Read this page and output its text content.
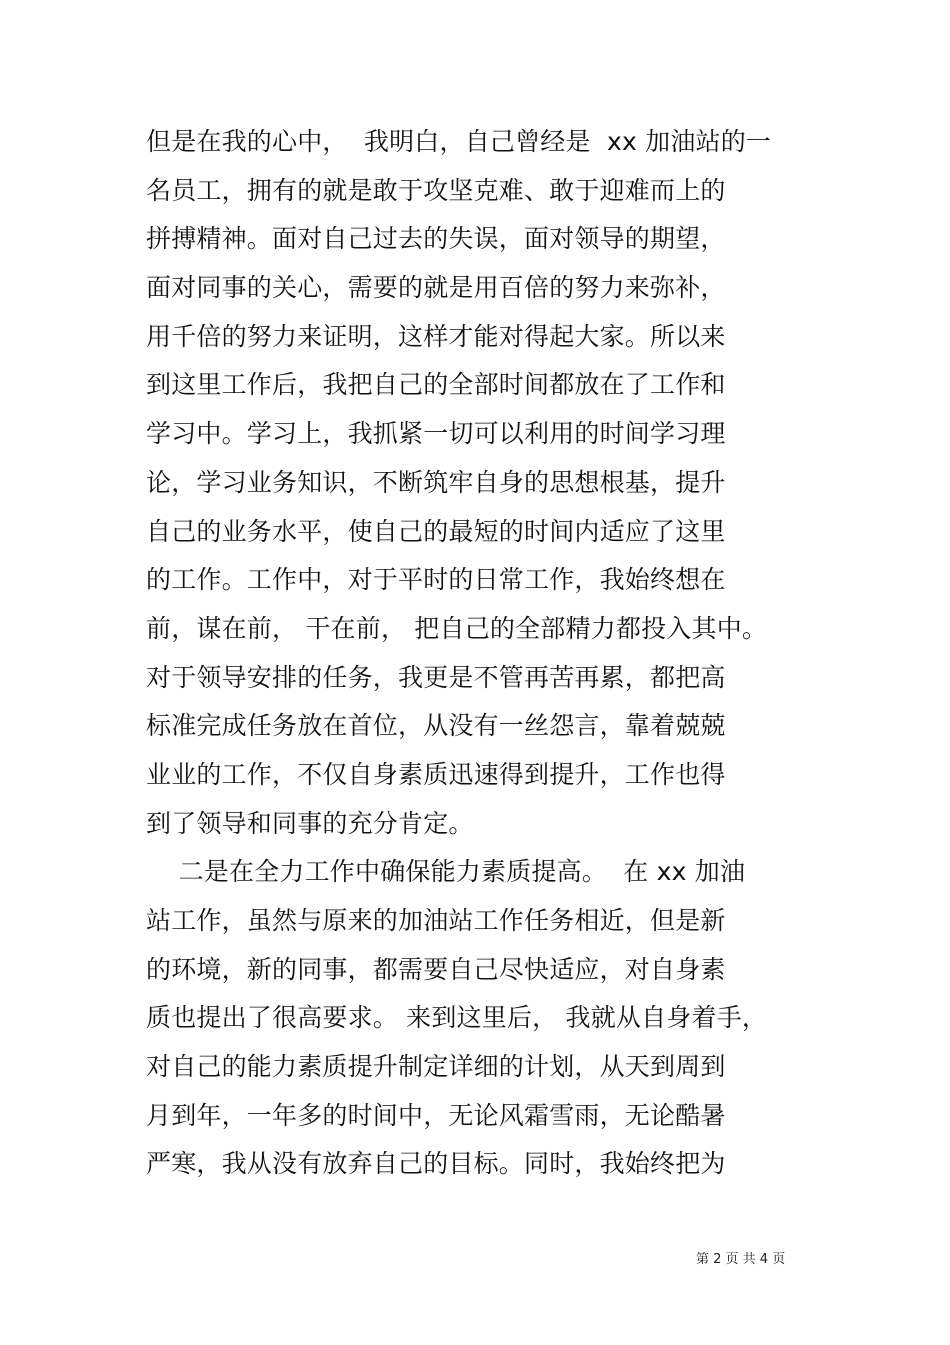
但是在我的心中，  我明白，自己曾经是  xx 加油站的一
名员工，拥有的就是敢于攻坚克难、敢于迎难而上的
拼搏精神。面对自己过去的失误，面对领导的期望，
面对同事的关心，需要的就是用百倍的努力来弥补，
用千倍的努力来证明，这样才能对得起大家。所以来
到这里工作后，我把自己的全部时间都放在了工作和
学习中。学习上，我抓紧一切可以利用的时间学习理
论，学习业务知识，不断筑牢自身的思想根基，提升
自己的业务水平，使自己的最短的时间内适应了这里
的工作。工作中，对于平时的日常工作，我始终想在
前，谋在前， 干在前， 把自己的全部精力都投入其中。
对于领导安排的任务，我更是不管再苦再累，都把高
标准完成任务放在首位，从没有一丝怨言，靠着兢兢
业业的工作，不仅自身素质迅速得到提升，工作也得
到了领导和同事的充分肯定。
二是在全力工作中确保能力素质提高。  在 xx 加油
站工作，虽然与原来的加油站工作任务相近，但是新
的环境，新的同事，都需要自己尽快适应，对自身素
质也提出了很高要求。 来到这里后， 我就从自身着手，
对自己的能力素质提升制定详细的计划，从天到周到
月到年，一年多的时间中，无论风霜雪雨，无论酷暑
严寒，我从没有放弃自己的目标。同时，我始终把为
第 2 页 共 4 页
